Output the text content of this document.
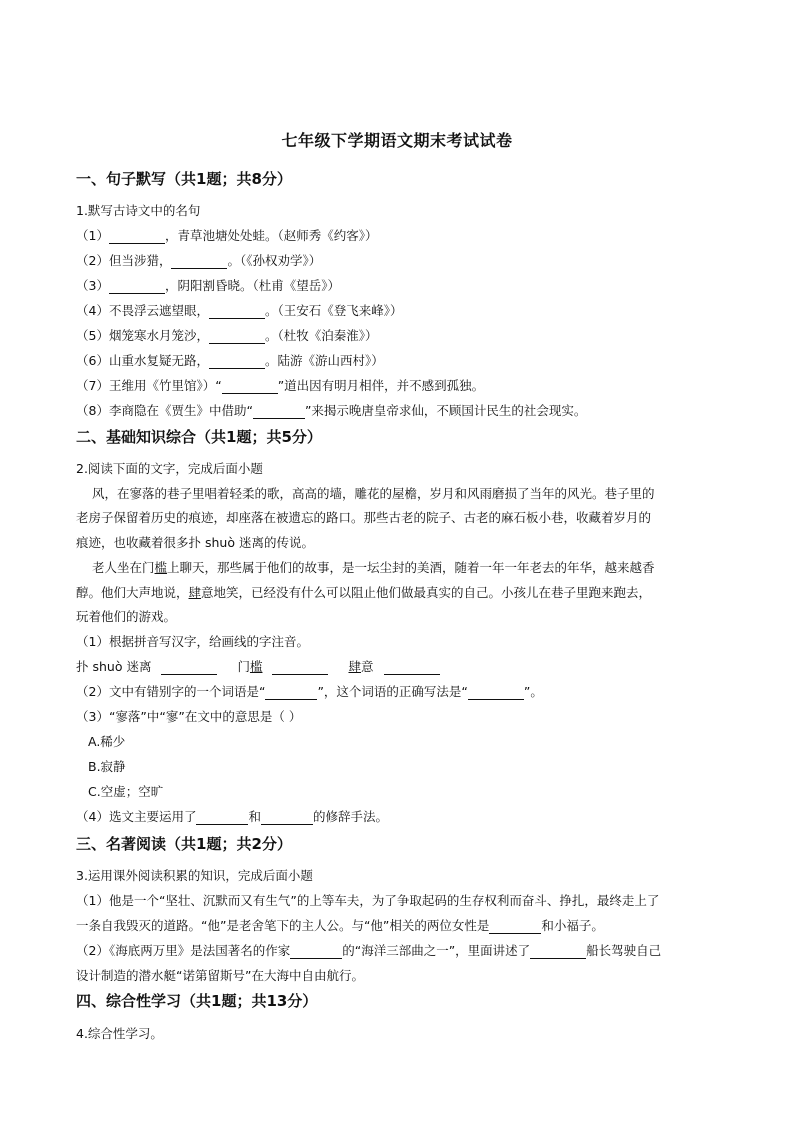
七年级下学期语文期末考试试卷
一、句子默写（共1题；共8分）
1.默写古诗文中的名句
（1）	，青草池塘处处蛙。（赵师秀《约客》）
（2）但当涉猎，	。（《孙权劝学》）
（3）	，阴阳割昏晓。（杜甫《望岳》）
（4）不畏浮云遮望眼，	。（王安石《登飞来峰》）
（5）烟笼寒水月笼沙，	。（杜牧《泊秦淮》）
（6）山重水复疑无路，	。陆游《游山西村》）
（7）王维用《竹里馆》）“	”道出因有明月相伴，并不感到孤独。
（8）李商隐在《贾生》中借助“	”来揭示晚唐皇帝求仙，不顾国计民生的社会现实。
二、基础知识综合（共1题；共5分）
2.阅读下面的文字，完成后面小题
风，在寥落的巷子里唱着轻柔的歌，高高的墙，雕花的屋檐，岁月和风雨磨损了当年的风光。巷子里的
老房子保留着历史的痕迹，却座落在被遗忘的路口。那些古老的院子、古老的麻石板小巷，收藏着岁月的
痕迹，也收藏着很多扑 shuò 迷离的传说。
老人坐在门槛上聊天，那些属于他们的故事，是一坛尘封的美酒，随着一年一年老去的年华，越来越香
醇。他们大声地说，肆意地笑，已经没有什么可以阻止他们做最真实的自己。小孩儿在巷子里跑来跑去，
玩着他们的游戏。
（1）根据拼音写汉字，给画线的字注音。
扑 shuò 迷离	门槛	肆意
（2）文中有错别字的一个词语是“	”，这个词语的正确写法是“	”。
（3）“寥落”中“寥”在文中的意思是（ ）
A.稀少
B.寂静
C.空虚；空旷
（4）选文主要运用了	和	的修辞手法。
三、名著阅读（共1题；共2分）
3.运用课外阅读积累的知识，完成后面小题
（1）他是一个“坚壮、沉默而又有生气”的上等车夫，为了争取起码的生存权利而奋斗、挣扎，最终走上了
一条自我毁灭的道路。“他”是老舍笔下的主人公。与“他”相关的两位女性是	和小福子。
（2）《海底两万里》是法国著名的作家	的“海洋三部曲之一”，里面讲述了	船长驾驶自己
设计制造的潜水艇“诺第留斯号”在大海中自由航行。
四、综合性学习（共1题；共13分）
4.综合性学习。
